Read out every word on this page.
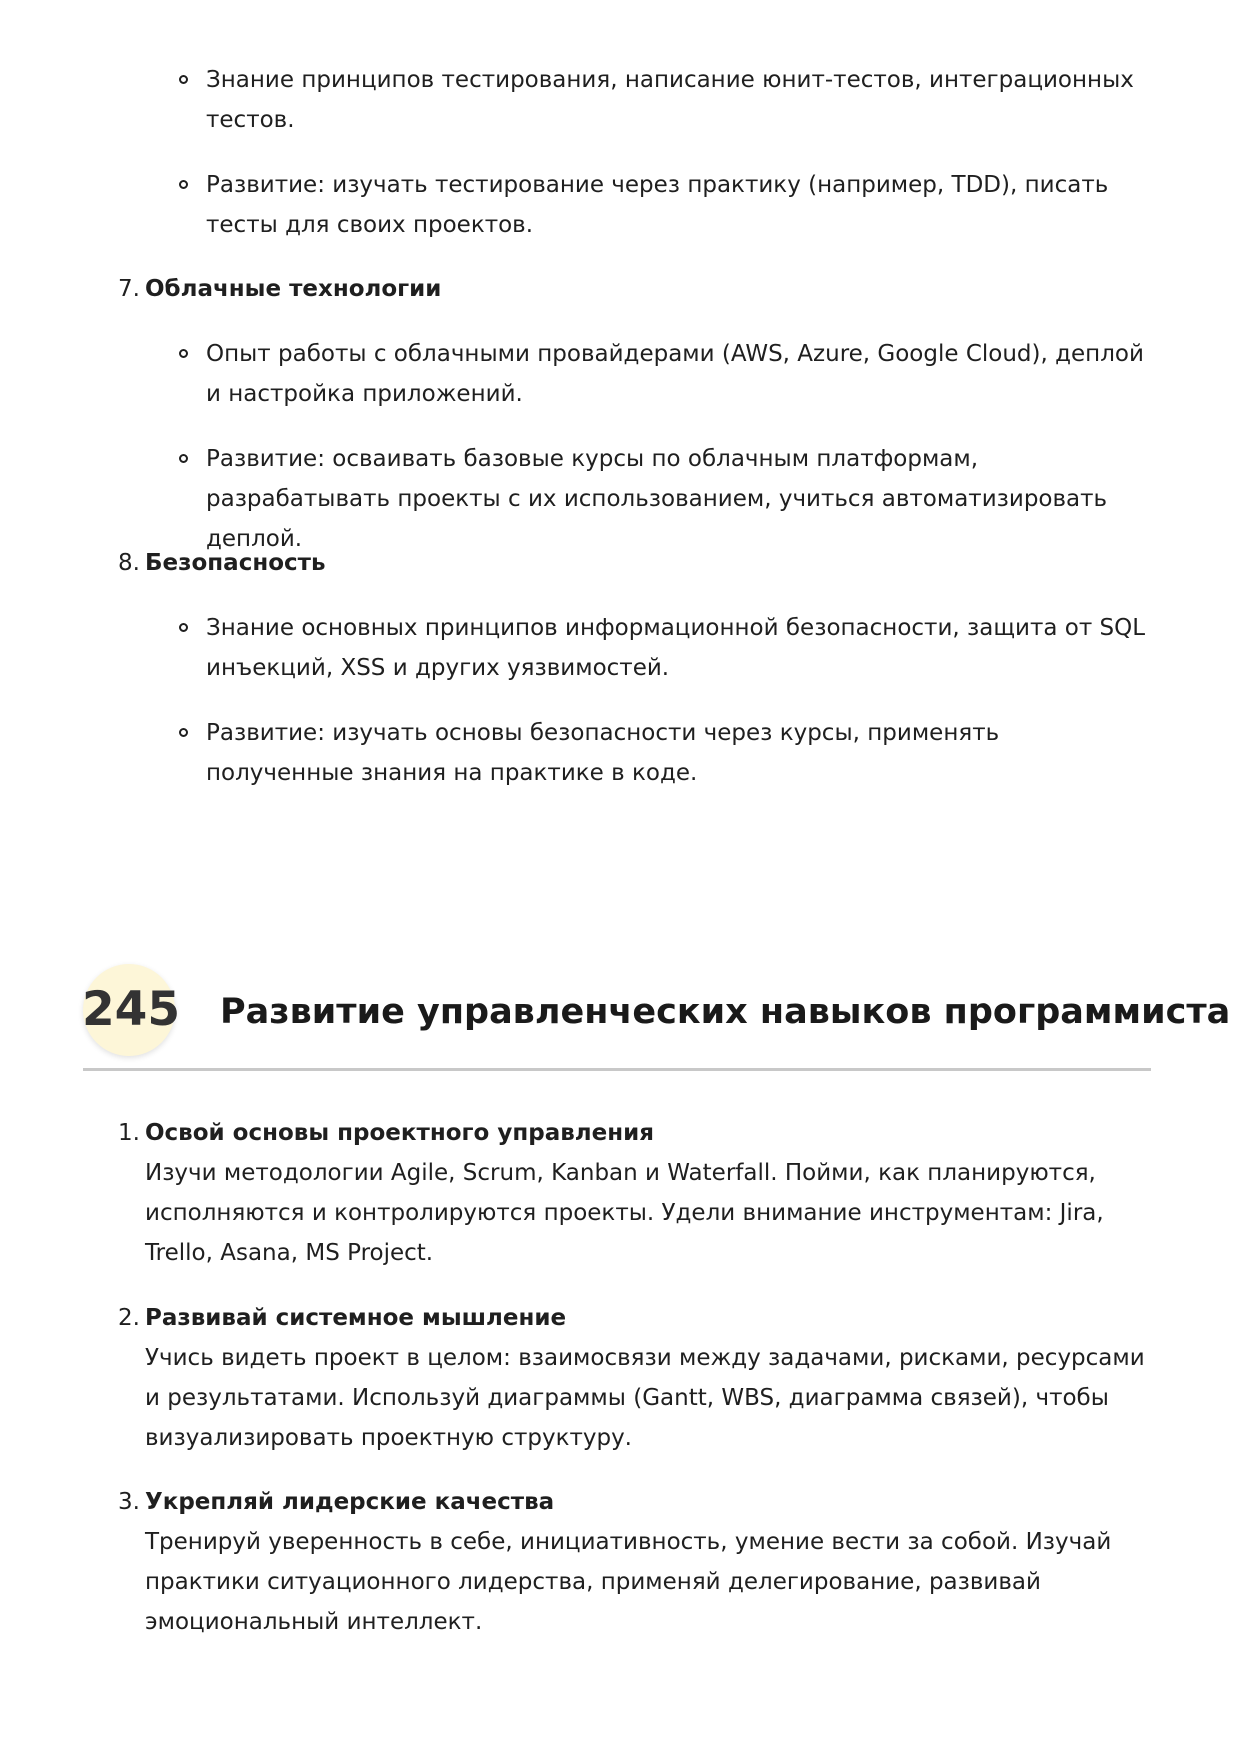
Знание принципов тестирования, написание юнит-тестов, интеграционных тестов.
Развитие: изучать тестирование через практику (например, TDD), писать тесты для своих проектов.
7. Облачные технологии
Опыт работы с облачными провайдерами (AWS, Azure, Google Cloud), деплой и настройка приложений.
Развитие: осваивать базовые курсы по облачным платформам, разрабатывать проекты с их использованием, учиться автоматизировать деплой.
8. Безопасность
Знание основных принципов информационной безопасности, защита от SQL инъекций, XSS и других уязвимостей.
Развитие: изучать основы безопасности через курсы, применять полученные знания на практике в коде.
245	Развитие управленческих навыков программиста
1. Освой основы проектного управления
Изучи методологии Agile, Scrum, Kanban и Waterfall. Пойми, как планируются, исполняются и контролируются проекты. Удели внимание инструментам: Jira, Trello, Asana, MS Project.
2. Развивай системное мышление
Учись видеть проект в целом: взаимосвязи между задачами, рисками, ресурсами и результатами. Используй диаграммы (Gantt, WBS, диаграмма связей), чтобы визуализировать проектную структуру.
3. Укрепляй лидерские качества
Тренируй уверенность в себе, инициативность, умение вести за собой. Изучай практики ситуационного лидерства, применяй делегирование, развивай эмоциональный интеллект.
